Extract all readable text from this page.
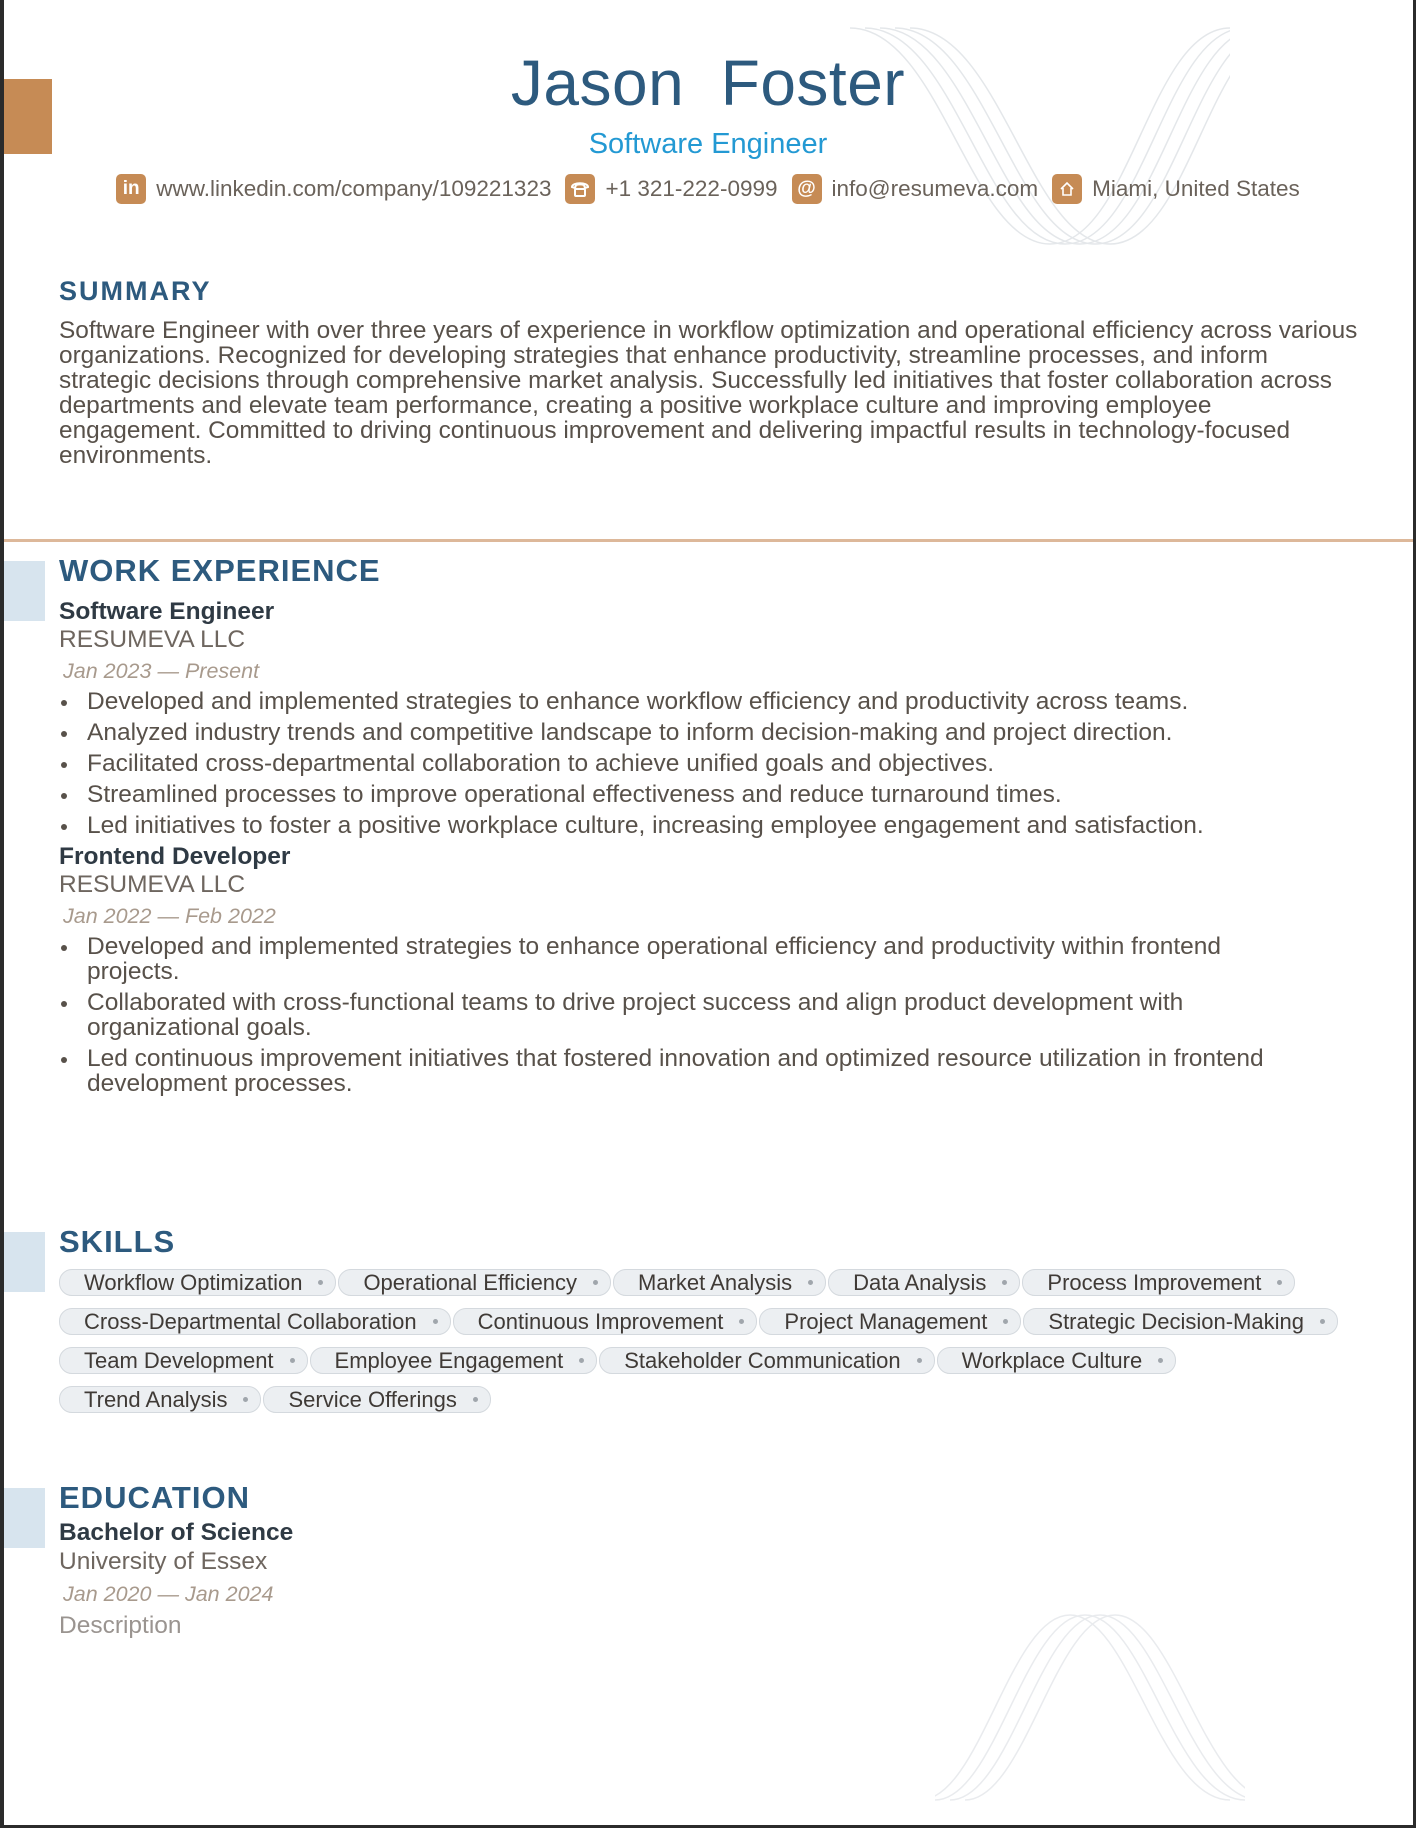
Jason  Foster
Software Engineer
in www.linkedin.com/company/109221323 +1 321-222-0999	@ info@resumeva.com Miami, United States
SUMMARY
Software Engineer with over three years of experience in workflow optimization and operational efficiency across various organizations. Recognized for developing strategies that enhance productivity, streamline processes, and inform strategic decisions through comprehensive market analysis. Successfully led initiatives that foster collaboration across departments and elevate team performance, creating a positive workplace culture and improving employee engagement. Committed to driving continuous improvement and delivering impactful results in technology-focused environments.
WORK EXPERIENCE
Software Engineer
RESUMEVA LLC
Jan 2023 — Present
Developed and implemented strategies to enhance workflow efficiency and productivity across teams.
Analyzed industry trends and competitive landscape to inform decision-making and project direction.
Facilitated cross-departmental collaboration to achieve unified goals and objectives.
Streamlined processes to improve operational effectiveness and reduce turnaround times.
Led initiatives to foster a positive workplace culture, increasing employee engagement and satisfaction.
Frontend Developer
RESUMEVA LLC
Jan 2022 — Feb 2022
Developed and implemented strategies to enhance operational efficiency and productivity within frontend projects.
Collaborated with cross-functional teams to drive project success and align product development with organizational goals.
Led continuous improvement initiatives that fostered innovation and optimized resource utilization in frontend development processes.
SKILLS
Workflow Optimization	Operational Efficiency	Market Analysis	Data Analysis	Process Improvement
Cross-Departmental Collaboration	Continuous Improvement	Project Management	Strategic Decision-Making
Team Development	Employee Engagement	Stakeholder Communication	Workplace Culture
Trend Analysis	Service Offerings
EDUCATION
Bachelor of Science
University of Essex
Jan 2020 — Jan 2024
Description
